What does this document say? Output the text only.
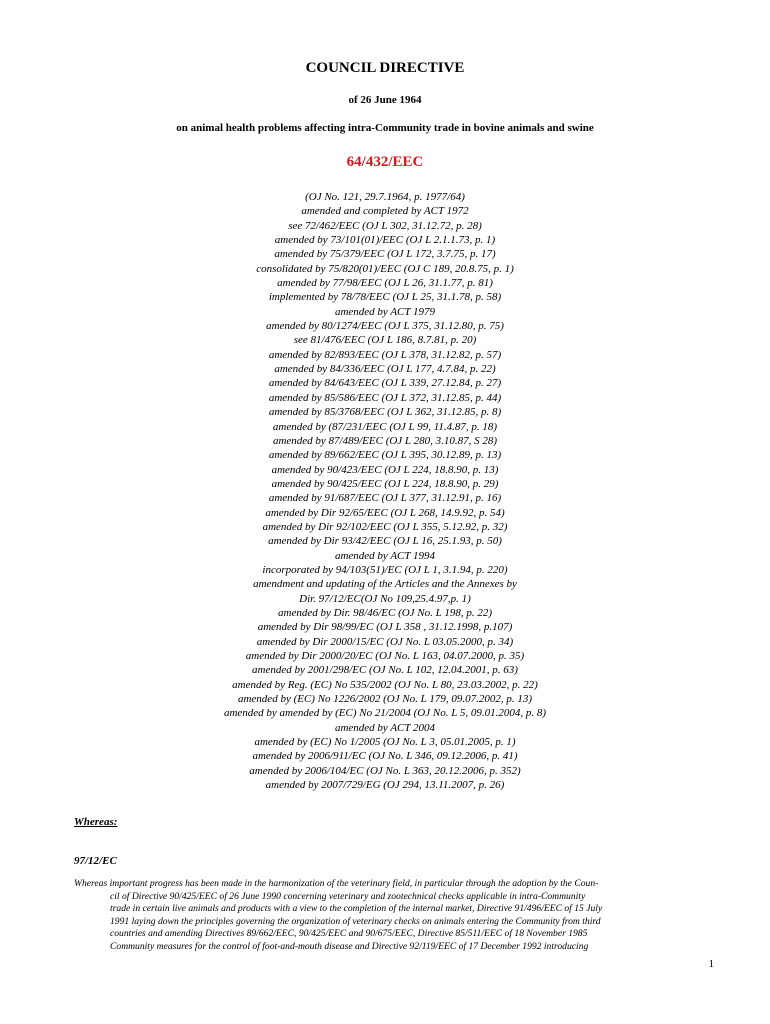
COUNCIL DIRECTIVE
of 26 June 1964
on animal health problems affecting intra-Community trade in bovine animals and swine
64/432/EEC
(OJ No. 121, 29.7.1964, p. 1977/64)
amended and completed by ACT 1972
see 72/462/EEC (OJ L 302, 31.12.72, p. 28)
amended by 73/101(01)/EEC (OJ L 2.1.1.73, p. 1)
amended by 75/379/EEC (OJ L 172, 3.7.75, p. 17)
consolidated by 75/820(01)/EEC (OJ C 189, 20.8.75, p. 1)
amended by 77/98/EEC (OJ L 26, 31.1.77, p. 81)
implemented by 78/78/EEC (OJ L 25, 31.1.78, p. 58)
amended by ACT 1979
amended by 80/1274/EEC (OJ L 375, 31.12.80, p. 75)
see 81/476/EEC (OJ L 186, 8.7.81, p. 20)
amended by 82/893/EEC (OJ L 378, 31.12.82, p. 57)
amended by 84/336/EEC (OJ L 177, 4.7.84, p. 22)
amended by 84/643/EEC (OJ L 339, 27.12.84, p. 27)
amended by 85/586/EEC (OJ L 372, 31.12.85, p. 44)
amended by 85/3768/EEC (OJ L 362, 31.12.85, p. 8)
amended by (87/231/EEC (OJ L 99, 11.4.87, p. 18)
amended by 87/489/EEC (OJ L 280, 3.10.87, S 28)
amended by 89/662/EEC (OJ L 395, 30.12.89, p. 13)
amended by 90/423/EEC (OJ L 224, 18.8.90, p. 13)
amended by 90/425/EEC (OJ L 224, 18.8.90, p. 29)
amended by 91/687/EEC (OJ L 377, 31.12.91, p. 16)
amended by Dir 92/65/EEC (OJ L 268, 14.9.92, p. 54)
amended by Dir 92/102/EEC (OJ L 355, 5.12.92, p. 32)
amended by Dir 93/42/EEC (OJ L 16, 25.1.93, p. 50)
amended by ACT 1994
incorporated by 94/103(51)/EC (OJ L 1, 3.1.94, p. 220)
amendment and updating of the Articles and the Annexes by
Dir. 97/12/EC(OJ No 109,25.4.97,p. 1)
amended by Dir. 98/46/EC (OJ No. L 198, p. 22)
amended by Dir 98/99/EC (OJ L 358 , 31.12.1998, p.107)
amended by Dir 2000/15/EC (OJ No. L 03.05.2000, p. 34)
amended by Dir 2000/20/EC (OJ No. L 163, 04.07.2000, p. 35)
amended by 2001/298/EC (OJ No. L 102, 12.04.2001, p. 63)
amended by Reg. (EC) No 535/2002 (OJ No. L 80, 23.03.2002, p. 22)
amended by (EC) No 1226/2002 (OJ No. L 179, 09.07.2002, p. 13)
amended by amended by (EC) No 21/2004 (OJ No. L 5, 09.01.2004, p. 8)
amended by ACT 2004
amended by (EC) No 1/2005 (OJ No. L 3, 05.01.2005, p. 1)
amended by 2006/911/EC (OJ No. L 346, 09.12.2006, p. 41)
amended by 2006/104/EC (OJ No. L 363, 20.12.2006, p. 352)
amended by 2007/729/EG (OJ 294, 13.11.2007, p. 26)
Whereas:
97/12/EC
Whereas important progress has been made in the harmonization of the veterinary field, in particular through the adoption by the Coun-
cil of Directive 90/425/EEC of 26 June 1990 concerning veterinary and zootechnical checks applicable in intra-Community
trade in certain live animals and products with a view to the completion of the internal market, Directive 91/496/EEC of 15 July
1991 laying down the principles governing the organization of veterinary checks on animals entering the Community from third
countries and amending Directives 89/662/EEC, 90/425/EEC and 90/675/EEC, Directive 85/511/EEC of 18 November 1985
Community measures for the control of foot-and-mouth disease and Directive 92/119/EEC of 17 December 1992 introducing
1
